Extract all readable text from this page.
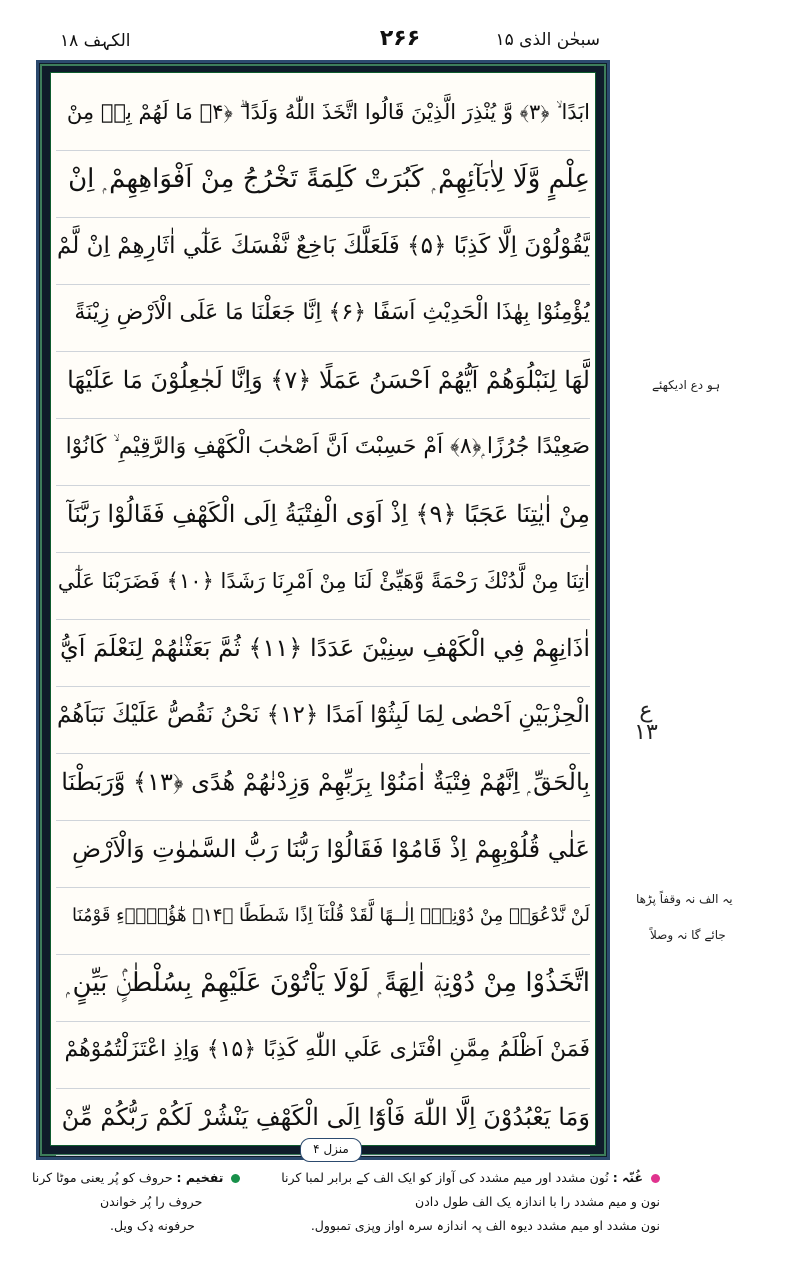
الکہف ۱۸	۲۶۶	سبحٰن الذی ۱۵
ابَدًا ۙ ﴿۳﴾ وَّ يُنْذِرَ الَّذِيْنَ قَالُوا اتَّخَذَ اللّٰهُ وَلَدًا ۗ ﴿۴﴾ مَا لَهُمْ بِهٖ مِنْ
عِلْمٍ وَّلَا لِاٰبَآئِهِمْ ۭ كَبُرَتْ كَلِمَةً تَخْرُجُ مِنْ اَفْوَاهِهِمْ ۭ اِنْ
يَّقُوْلُوْنَ اِلَّا كَذِبًا ﴿۵﴾ فَلَعَلَّكَ بَاخِعٌ نَّفْسَكَ عَلٰٓي اٰثَارِهِمْ اِنْ لَّمْ
يُؤْمِنُوْا بِهٰذَا الْحَدِيْثِ اَسَفًا ﴿۶﴾ اِنَّا جَعَلْنَا مَا عَلَى الْاَرْضِ زِيْنَةً
لَّهَا لِنَبْلُوَهُمْ اَيُّهُمْ اَحْسَنُ عَمَلًا ﴿۷﴾ وَاِنَّا لَجٰعِلُوْنَ مَا عَلَيْهَا
صَعِيْدًا جُرُزًا ۭ﴿۸﴾ اَمْ حَسِبْتَ اَنَّ اَصْحٰبَ الْكَهْفِ وَالرَّقِيْمِ ۙ كَانُوْا
مِنْ اٰيٰتِنَا عَجَبًا ﴿۹﴾ اِذْ اَوَى الْفِتْيَةُ اِلَى الْكَهْفِ فَقَالُوْا رَبَّنَآ
اٰتِنَا مِنْ لَّدُنْكَ رَحْمَةً وَّهَيِّئْ لَنَا مِنْ اَمْرِنَا رَشَدًا ﴿۱۰﴾ فَضَرَبْنَا عَلٰٓي
اٰذَانِهِمْ فِي الْكَهْفِ سِنِيْنَ عَدَدًا ﴿۱۱﴾ ثُمَّ بَعَثْنٰهُمْ لِنَعْلَمَ اَيُّ
الْحِزْبَيْنِ اَحْصٰى لِمَا لَبِثُوْٓا اَمَدًا ﴿۱۲﴾ نَحْنُ نَقُصُّ عَلَيْكَ نَبَاَهُمْ
بِالْحَقِّ ۭ اِنَّهُمْ فِتْيَةٌ اٰمَنُوْا بِرَبِّهِمْ وَزِدْنٰهُمْ هُدًى ﴿۱۳﴾ وَّرَبَطْنَا
عَلٰي قُلُوْبِهِمْ اِذْ قَامُوْا فَقَالُوْا رَبُّنَا رَبُّ السَّمٰوٰتِ وَالْاَرْضِ
لَنْ نَّدْعُوَا۟ مِنْ دُوْنِهٖٓ اِلٰــهًا لَّقَدْ قُلْنَآ اِذًا شَطَطًا ﴿۱۴﴾ هٰٓؤُلَاۗءِ قَوْمُنَا
اتَّخَذُوْا مِنْ دُوْنِهٖٓ اٰلِهَةً ۭ لَوْلَا يَاْتُوْنَ عَلَيْهِمْ بِسُلْطٰنٍۢ بَيِّنٍ ۭ
فَمَنْ اَظْلَمُ مِمَّنِ افْتَرٰى عَلَي اللّٰهِ كَذِبًا ﴿۱۵﴾ وَاِذِ اعْتَزَلْتُمُوْهُمْ
وَمَا يَعْبُدُوْنَ اِلَّا اللّٰهَ فَاْوٗٓا اِلَى الْكَهْفِ يَنْشُرْ لَكُمْ رَبُّكُمْ مِّنْ
منزل ۴
ہو دع ادیکھئے
ع ۱۳
یہ الف نہ وقفاً پڑھا
جائے گا نہ وصلاً
غُنّہ : نُون مشدد اور میم مشدد کی آواز کو ایک الف کے برابر لمبا کرنا
نون و میم مشدد را با اندازہ یک الف طول دادن
نون مشدد او میم مشدد دیوہ الف پہ اندازہ سرہ اواز وپزی تمبوول.
تفخیم : حروف کو پُر یعنی موٹا کرنا
حروف را پُر خواندن
حرفونه ډک ويل.
